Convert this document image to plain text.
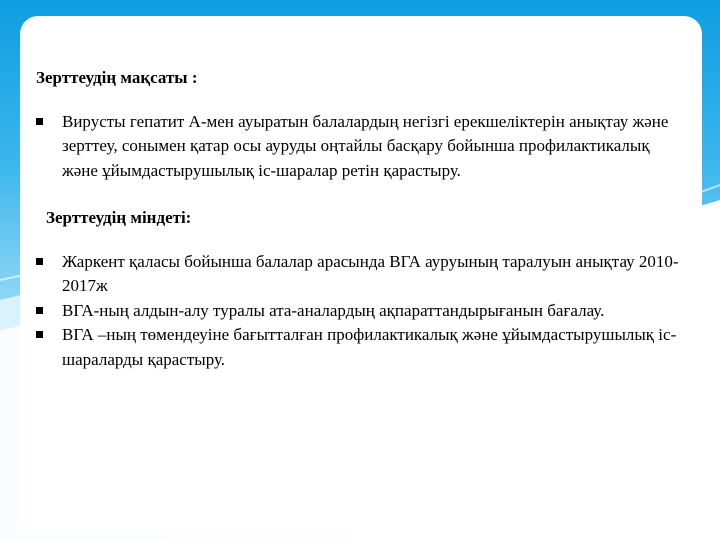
Зерттеудің мақсаты :

Вирусты гепатит А-мен ауыратын балалардың негізгі ерекшеліктерін анықтау және зерттеу, сонымен қатар осы ауруды оңтайлы басқару бойынша профилактикалық және ұйымдастырушылық іс-шаралар ретін қарастыру.

Зерттеудің міндеті:

Жаркент қаласы бойынша балалар арасында ВГА ауруының таралуын анықтау 2010-2017ж
ВГА-ның алдын-алу туралы ата-аналардың ақпараттандырығанын бағалау.
ВГА –ның төмендеуіне бағытталған профилактикалық және ұйымдастырушылық іс-шараларды қарастыру.
